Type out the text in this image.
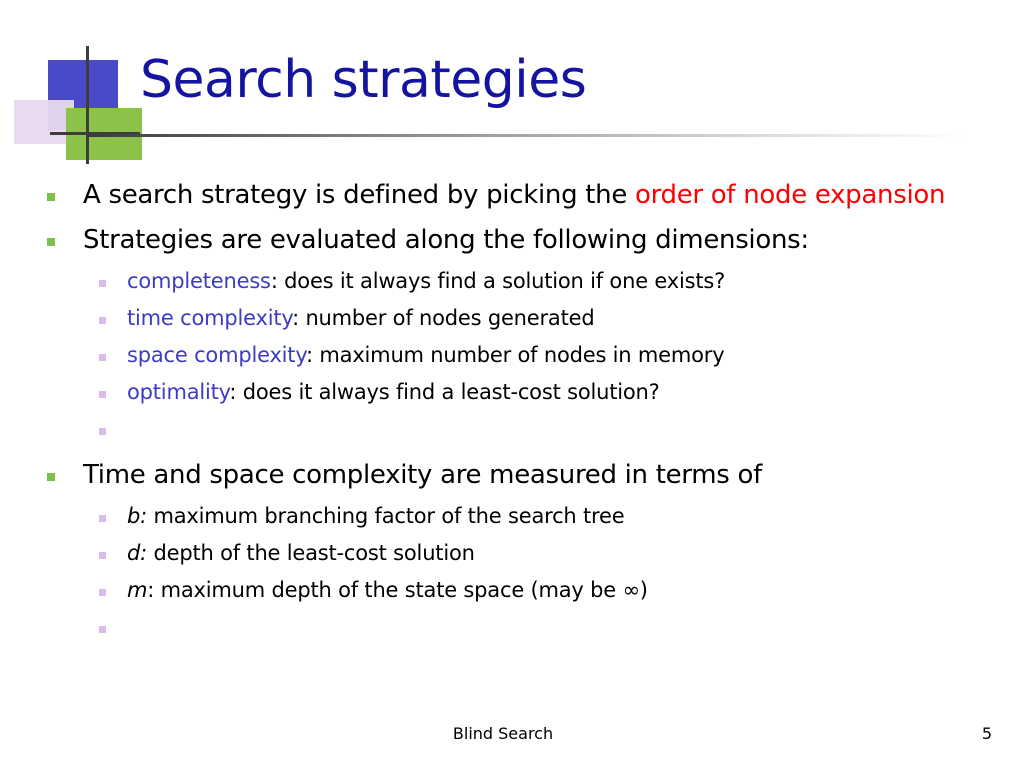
Search strategies
A search strategy is defined by picking the order of node expansion
Strategies are evaluated along the following dimensions:
completeness: does it always find a solution if one exists?
time complexity: number of nodes generated
space complexity: maximum number of nodes in memory
optimality: does it always find a least-cost solution?
Time and space complexity are measured in terms of
b: maximum branching factor of the search tree
d: depth of the least-cost solution
m: maximum depth of the state space (may be ∞)
Blind Search	5
